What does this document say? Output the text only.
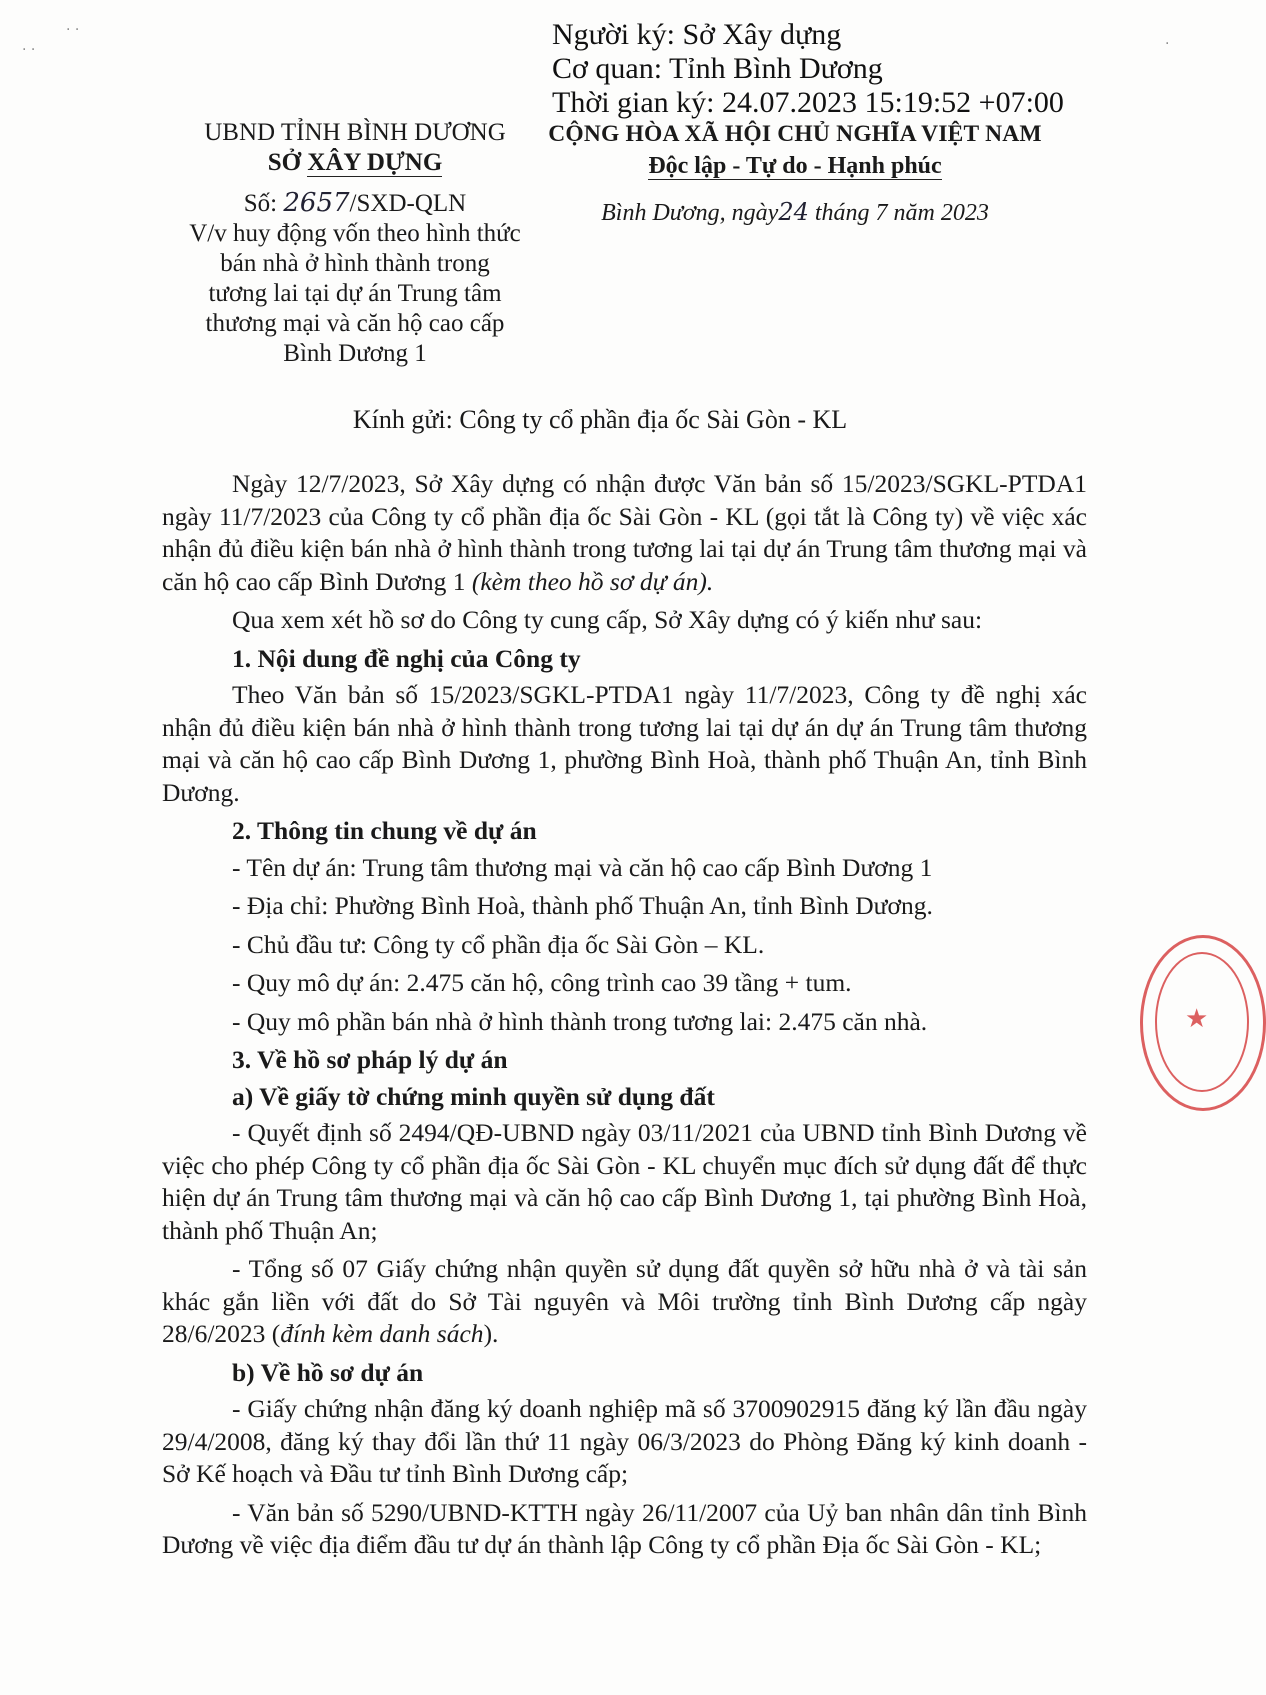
. .
· ·
·
Người ký: Sở Xây dựng
Cơ quan: Tỉnh Bình Dương
Thời gian ký: 24.07.2023 15:19:52 +07:00
UBND TỈNH BÌNH DƯƠNG
SỞ XÂY DỰNG
Số: 2657/SXD-QLN
V/v huy động vốn theo hình thức
bán nhà ở hình thành trong
tương lai tại dự án Trung tâm
thương mại và căn hộ cao cấp
Bình Dương 1
CỘNG HÒA XÃ HỘI CHỦ NGHĨA VIỆT NAM
Độc lập - Tự do - Hạnh phúc
Bình Dương, ngày24 tháng 7 năm 2023
Kính gửi: Công ty cổ phần địa ốc Sài Gòn - KL

Ngày 12/7/2023, Sở Xây dựng có nhận được Văn bản số 15/2023/SGKL-PTDA1 ngày 11/7/2023 của Công ty cổ phần địa ốc Sài Gòn - KL (gọi tắt là Công ty) về việc xác nhận đủ điều kiện bán nhà ở hình thành trong tương lai tại dự án Trung tâm thương mại và căn hộ cao cấp Bình Dương 1 (kèm theo hồ sơ dự án).

Qua xem xét hồ sơ do Công ty cung cấp, Sở Xây dựng có ý kiến như sau:

1. Nội dung đề nghị của Công ty

Theo Văn bản số 15/2023/SGKL-PTDA1 ngày 11/7/2023, Công ty đề nghị xác nhận đủ điều kiện bán nhà ở hình thành trong tương lai tại dự án dự án Trung tâm thương mại và căn hộ cao cấp Bình Dương 1, phường Bình Hoà, thành phố Thuận An, tỉnh Bình Dương.

2. Thông tin chung về dự án

- Tên dự án: Trung tâm thương mại và căn hộ cao cấp Bình Dương 1

- Địa chỉ: Phường Bình Hoà, thành phố Thuận An, tỉnh Bình Dương.

- Chủ đầu tư: Công ty cổ phần địa ốc Sài Gòn – KL.

- Quy mô dự án: 2.475 căn hộ, công trình cao 39 tầng + tum.

- Quy mô phần bán nhà ở hình thành trong tương lai: 2.475 căn nhà.

3. Về hồ sơ pháp lý dự án

a) Về giấy tờ chứng minh quyền sử dụng đất

- Quyết định số 2494/QĐ-UBND ngày 03/11/2021 của UBND tỉnh Bình Dương về việc cho phép Công ty cổ phần địa ốc Sài Gòn - KL chuyển mục đích sử dụng đất để thực hiện dự án Trung tâm thương mại và căn hộ cao cấp Bình Dương 1, tại phường Bình Hoà, thành phố Thuận An;

- Tổng số 07 Giấy chứng nhận quyền sử dụng đất quyền sở hữu nhà ở và tài sản khác gắn liền với đất do Sở Tài nguyên và Môi trường tỉnh Bình Dương cấp ngày 28/6/2023 (đính kèm danh sách).

b) Về hồ sơ dự án

- Giấy chứng nhận đăng ký doanh nghiệp mã số 3700902915 đăng ký lần đầu ngày 29/4/2008, đăng ký thay đổi lần thứ 11 ngày 06/3/2023 do Phòng Đăng ký kinh doanh - Sở Kế hoạch và Đầu tư tỉnh Bình Dương cấp;

- Văn bản số 5290/UBND-KTTH ngày 26/11/2007 của Uỷ ban nhân dân tỉnh Bình Dương về việc địa điểm đầu tư dự án thành lập Công ty cổ phần Địa ốc Sài Gòn - KL;

★
